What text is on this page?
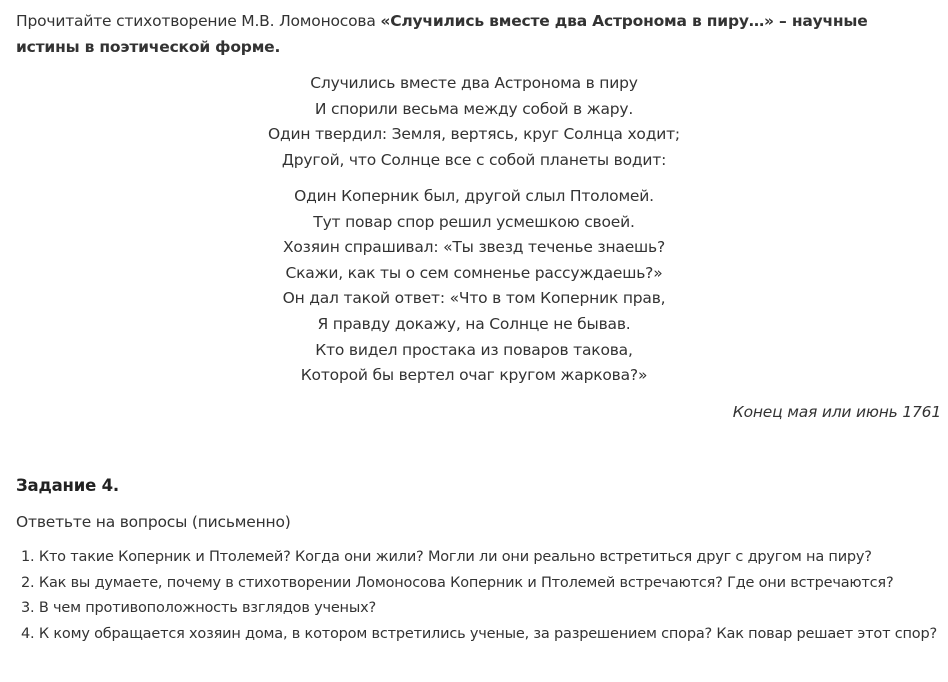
Прочитайте стихотворение М.В. Ломоносова «Случились вместе два Астронома в пиру…» – научные истины в поэтической форме.
Случились вместе два Астронома в пиру
И спорили весьма между собой в жару.
Один твердил: Земля, вертясь, круг Солнца ходит;
Другой, что Солнце все с собой планеты водит:
Один Коперник был, другой слыл Птоломей.
Тут повар спор решил усмешкою своей.
Хозяин спрашивал: «Ты звезд теченье знаешь?
Скажи, как ты о сем сомненье рассуждаешь?»
Он дал такой ответ: «Что в том Коперник прав,
Я правду докажу, на Солнце не бывав.
Кто видел простака из поваров такова,
Которой бы вертел очаг кругом жаркова?»
Конец мая или июнь 1761
Задание 4.
Ответьте на вопросы (письменно)
1. Кто такие Коперник и Птолемей? Когда они жили? Могли ли они реально встретиться друг с другом на пиру?
2. Как вы думаете, почему в стихотворении Ломоносова Коперник и Птолемей встречаются? Где они встречаются?
3. В чем противоположность взглядов ученых?
4. К кому обращается хозяин дома, в котором встретились ученые, за разрешением спора? Как повар решает этот спор?
